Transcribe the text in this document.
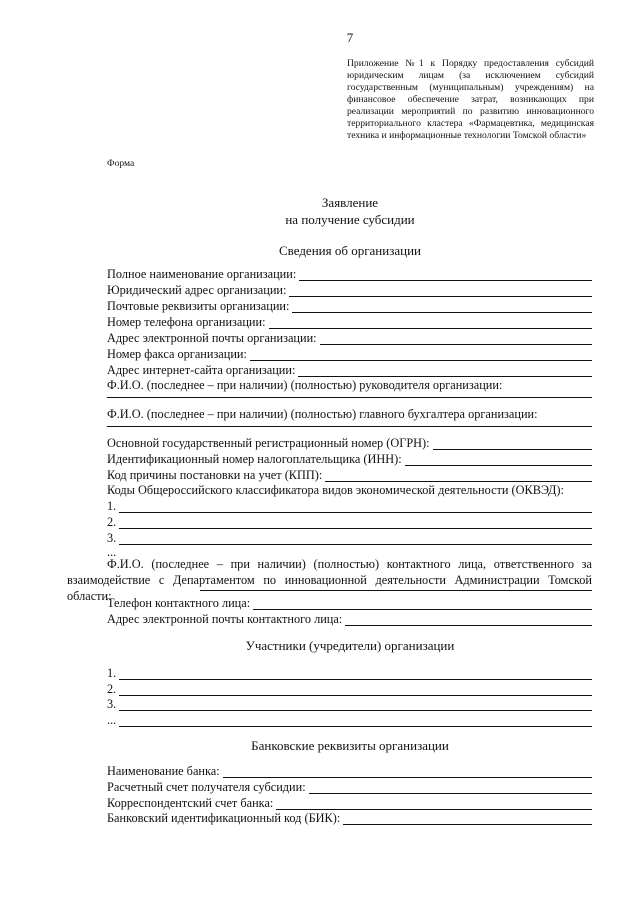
7
Приложение №1 к Порядку предоставления субсидий юридическим лицам (за исключением субсидий государственным (муниципальным) учреждениям) на финансовое обеспечение затрат, возникающих при реализации мероприятий по развитию инновационного территориального кластера «Фармацевтика, медицинская техника и информационные технологии Томской области»
Форма
Заявление
на получение субсидии
Сведения об организации
Полное наименование организации:
Юридический адрес организации:
Почтовые реквизиты организации:
Номер телефона организации:
Адрес электронной почты организации:
Номер факса организации:
Адрес интернет-сайта организации:
Ф.И.О. (последнее – при наличии) (полностью) руководителя организации:
Ф.И.О. (последнее – при наличии) (полностью) главного бухгалтера организации:
Основной государственный регистрационный номер (ОГРН):
Идентификационный номер налогоплательщика (ИНН):
Код причины постановки на учет (КПП):
Коды Общероссийского классификатора видов экономической деятельности (ОКВЭД):
1.
2.
3.
...
Ф.И.О. (последнее – при наличии) (полностью) контактного лица, ответственного за взаимодействие с Департаментом по инновационной деятельности Администрации Томской области:
Телефон контактного лица:
Адрес электронной почты контактного лица:
Участники (учредители) организации
1.
2.
3.
...
Банковские реквизиты организации
Наименование банка:
Расчетный счет получателя субсидии:
Корреспондентский счет банка:
Банковский идентификационный код (БИК):
